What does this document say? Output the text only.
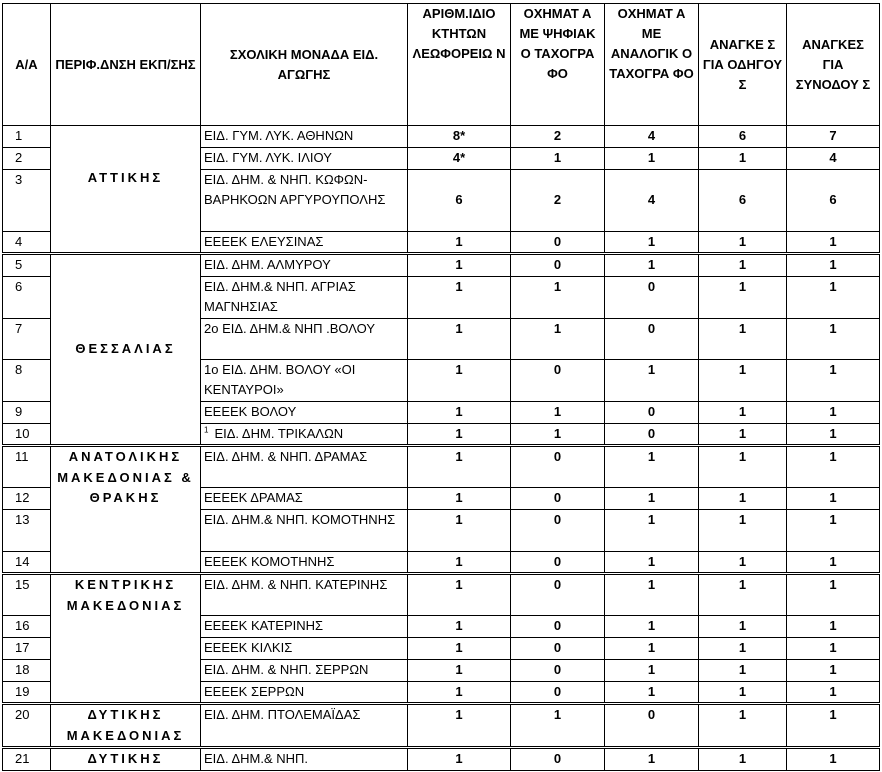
Α/Α	ΠΕΡΙΦ.ΔΝΣΗ ΕΚΠ/ΣΗΣ	ΣΧΟΛΙΚΗ ΜΟΝΑΔΑ ΕΙΔ. ΑΓΩΓΗΣ	ΑΡΙΘΜ.ΙΔΙΟ ΚΤΗΤΩΝ ΛΕΩΦΟΡΕΙΩ Ν	ΟΧΗΜΑΤ Α ΜΕ ΨΗΦΙΑΚ Ο ΤΑΧΟΓΡΑ ΦΟ	ΟΧΗΜΑΤ Α ΜΕ ΑΝΑΛΟΓΙΚ Ο ΤΑΧΟΓΡΑ ΦΟ	ΑΝΑΓΚΕ Σ ΓΙΑ ΟΔΗΓΟΥ Σ	ΑΝΑΓΚΕΣ ΓΙΑ ΣΥΝΟΔΟΥ Σ
1	ΑΤΤΙΚΗΣ	ΕΙΔ. ΓΥΜ. ΛΥΚ. ΑΘΗΝΩΝ	8*	2	4	6	7
2		ΕΙΔ. ΓΥΜ. ΛΥΚ. ΙΛΙΟΥ	4*	1	1	1	4
3		ΕΙΔ. ΔΗΜ. & ΝΗΠ. ΚΩΦΩΝ-ΒΑΡΗΚΟΩΝ ΑΡΓΥΡΟΥΠΟΛΗΣ	6	2	4	6	6
4		ΕΕΕΕΚ ΕΛΕΥΣΙΝΑΣ	1	0	1	1	1
5	ΘΕΣΣΑΛΙΑΣ	ΕΙΔ. ΔΗΜ. ΑΛΜΥΡΟΥ	1	0	1	1	1
6		ΕΙΔ. ΔΗΜ.& ΝΗΠ. ΑΓΡΙΑΣ ΜΑΓΝΗΣΙΑΣ	1	1	0	1	1
7		2ο ΕΙΔ. ΔΗΜ.& ΝΗΠ .ΒΟΛΟΥ	1	1	0	1	1
8		1ο ΕΙΔ. ΔΗΜ. ΒΟΛΟΥ «ΟΙ ΚΕΝΤΑΥΡΟΙ»	1	0	1	1	1
9		ΕΕΕΕΚ ΒΟΛΟΥ	1	1	0	1	1
10		$^1$ ΕΙΔ. ΔΗΜ. ΤΡΙΚΑΛΩΝ	1	1	0	1	1
11	ΑΝΑΤΟΛΙΚΗΣ ΜΑΚΕΔΟΝΙΑΣ & ΘΡΑΚΗΣ	ΕΙΔ. ΔΗΜ. & ΝΗΠ. ΔΡΑΜΑΣ	1	0	1	1	1
12		ΕΕΕΕΚ ΔΡΑΜΑΣ	1	0	1	1	1
13		ΕΙΔ. ΔΗΜ.& ΝΗΠ. ΚΟΜΟΤΗΝΗΣ	1	0	1	1	1
14		ΕΕΕΕΚ ΚΟΜΟΤΗΝΗΣ	1	0	1	1	1
15	ΚΕΝΤΡΙΚΗΣ ΜΑΚΕΔΟΝΙΑΣ	ΕΙΔ. ΔΗΜ. & ΝΗΠ. ΚΑΤΕΡΙΝΗΣ	1	0	1	1	1
16		ΕΕΕΕΚ ΚΑΤΕΡΙΝΗΣ	1	0	1	1	1
17		ΕΕΕΕΚ ΚΙΛΚΙΣ	1	0	1	1	1
18		ΕΙΔ. ΔΗΜ. & ΝΗΠ. ΣΕΡΡΩΝ	1	0	1	1	1
19		ΕΕΕΕΚ ΣΕΡΡΩΝ	1	0	1	1	1
20	ΔΥΤΙΚΗΣ ΜΑΚΕΔΟΝΙΑΣ	ΕΙΔ. ΔΗΜ. ΠΤΟΛΕΜΑΪΔΑΣ	1	1	0	1	1
21	ΔΥΤΙΚΗΣ	ΕΙΔ. ΔΗΜ.& ΝΗΠ.	1	0	1	1	1
